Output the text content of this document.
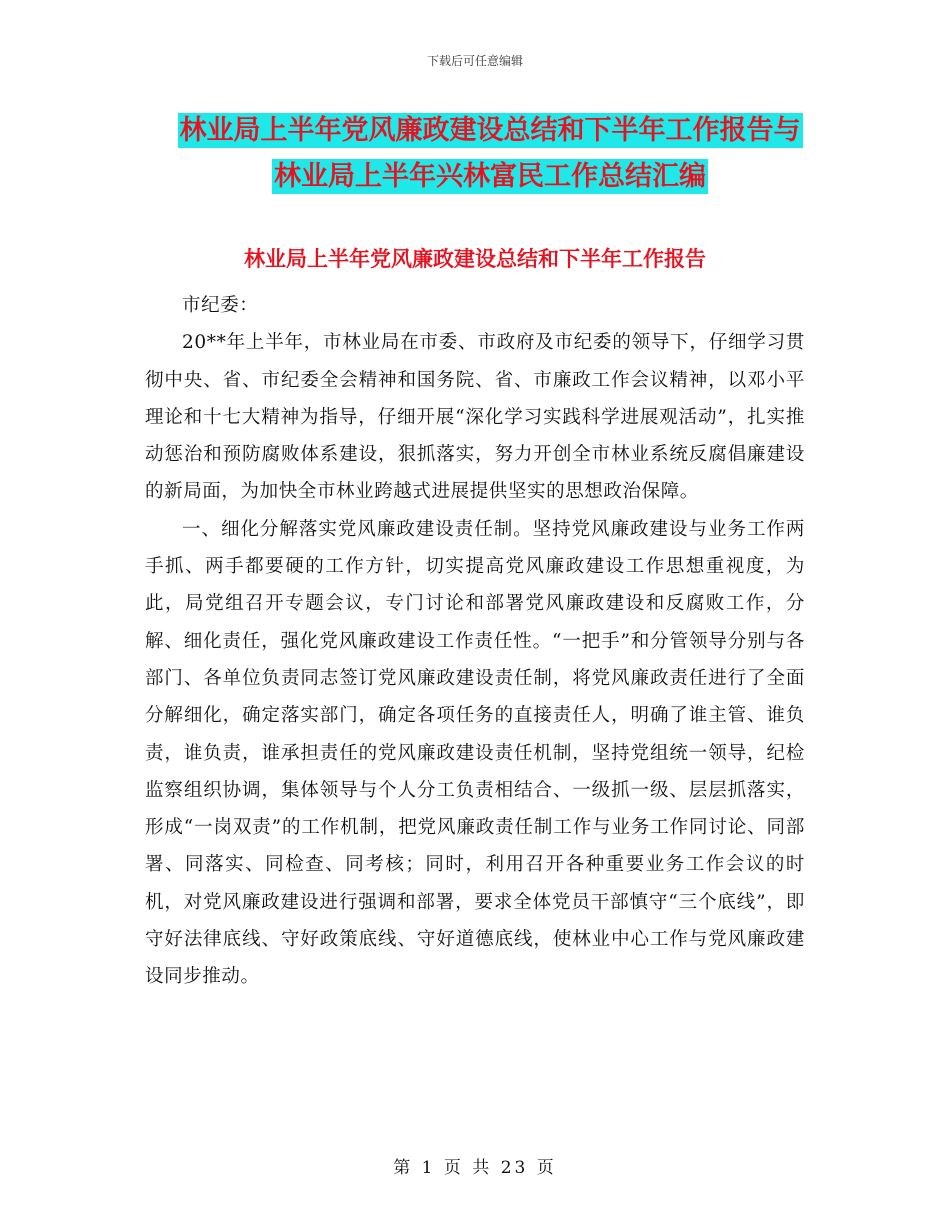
下载后可任意编辑
林业局上半年党风廉政建设总结和下半年工作报告与
林业局上半年兴林富民工作总结汇编
林业局上半年党风廉政建设总结和下半年工作报告

市纪委：

20**年上半年，市林业局在市委、市政府及市纪委的领导下，仔细学习贯彻中央、省、市纪委全会精神和国务院、省、市廉政工作会议精神，以邓小平理论和十七大精神为指导，仔细开展“深化学习实践科学进展观活动”，扎实推动惩治和预防腐败体系建设，狠抓落实，努力开创全市林业系统反腐倡廉建设的新局面，为加快全市林业跨越式进展提供坚实的思想政治保障。

一、细化分解落实党风廉政建设责任制。坚持党风廉政建设与业务工作两手抓、两手都要硬的工作方针，切实提高党风廉政建设工作思想重视度，为此，局党组召开专题会议，专门讨论和部署党风廉政建设和反腐败工作，分解、细化责任，强化党风廉政建设工作责任性。“一把手”和分管领导分别与各部门、各单位负责同志签订党风廉政建设责任制，将党风廉政责任进行了全面分解细化，确定落实部门，确定各项任务的直接责任人，明确了谁主管、谁负责，谁负责，谁承担责任的党风廉政建设责任机制，坚持党组统一领导，纪检监察组织协调，集体领导与个人分工负责相结合、一级抓一级、层层抓落实，形成“一岗双责”的工作机制，把党风廉政责任制工作与业务工作同讨论、同部署、同落实、同检查、同考核；同时，利用召开各种重要业务工作会议的时机，对党风廉政建设进行强调和部署，要求全体党员干部慎守“三个底线”，即守好法律底线、守好政策底线、守好道德底线，使林业中心工作与党风廉政建设同步推动。

第 1 页 共 23 页
